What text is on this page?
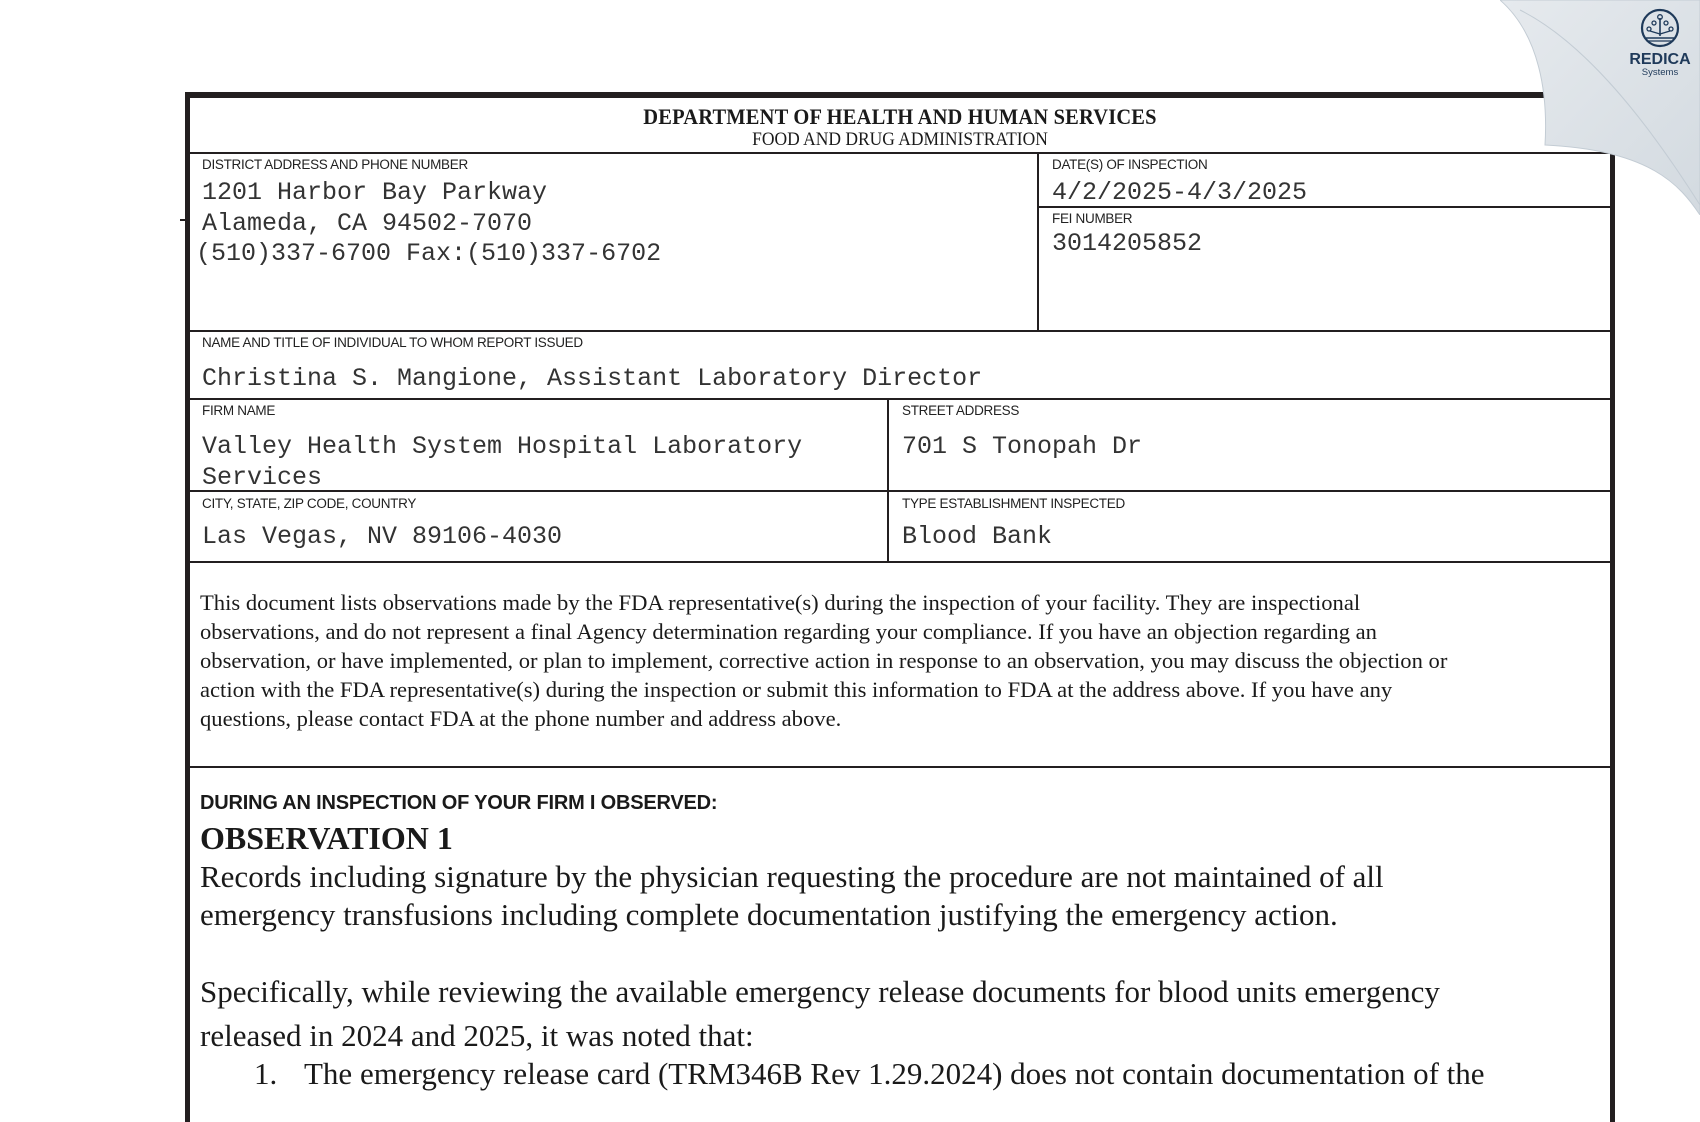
DEPARTMENT OF HEALTH AND HUMAN SERVICES
FOOD AND DRUG ADMINISTRATION
DISTRICT ADDRESS AND PHONE NUMBER
1201 Harbor Bay Parkway
Alameda, CA 94502-7070
(510)337-6700 Fax:(510)337-6702
DATE(S) OF INSPECTION
4/2/2025-4/3/2025
FEI NUMBER
3014205852
NAME AND TITLE OF INDIVIDUAL TO WHOM REPORT ISSUED
Christina S. Mangione, Assistant Laboratory Director
FIRM NAME
Valley Health System Hospital Laboratory
Services
STREET ADDRESS
701 S Tonopah Dr
CITY, STATE, ZIP CODE, COUNTRY
Las Vegas, NV 89106-4030
TYPE ESTABLISHMENT INSPECTED
Blood Bank
This document lists observations made by the FDA representative(s) during the inspection of your facility. They are inspectional
observations, and do not represent a final Agency determination regarding your compliance. If you have an objection regarding an
observation, or have implemented, or plan to implement, corrective action in response to an observation, you may discuss the objection or
action with the FDA representative(s) during the inspection or submit this information to FDA at the address above. If you have any
questions, please contact FDA at the phone number and address above.
DURING AN INSPECTION OF YOUR FIRM I OBSERVED:
OBSERVATION 1
Records including signature by the physician requesting the procedure are not maintained of all
emergency transfusions including complete documentation justifying the emergency action.
Specifically, while reviewing the available emergency release documents for blood units emergency
released in 2024 and 2025, it was noted that:
1. The emergency release card (TRM346B Rev 1.29.2024) does not contain documentation of the
REDICA
Systems
